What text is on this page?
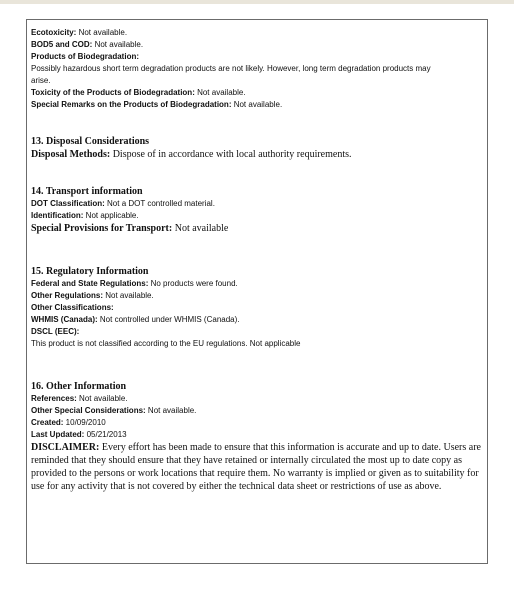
Ecotoxicity: Not available.
BOD5 and COD: Not available.
Products of Biodegradation:
Possibly hazardous short term degradation products are not likely. However, long term degradation products may
arise.
Toxicity of the Products of Biodegradation: Not available.
Special Remarks on the Products of Biodegradation: Not available.
13. Disposal Considerations
Disposal Methods: Dispose of in accordance with local authority requirements.
14. Transport information
DOT Classification: Not a DOT controlled material.
Identification: Not applicable.
Special Provisions for Transport: Not available
15. Regulatory Information
Federal and State Regulations: No products were found.
Other Regulations: Not available.
Other Classifications:
WHMIS (Canada): Not controlled under WHMIS (Canada).
DSCL (EEC):
This product is not classified according to the EU regulations. Not applicable
16. Other Information
References: Not available.
Other Special Considerations: Not available.
Created: 10/09/2010
Last Updated: 05/21/2013
DISCLAIMER: Every effort has been made to ensure that this information is accurate and up to date. Users are reminded that they should ensure that they have retained or internally circulated the most up to date copy as provided to the persons or work locations that require them. No warranty is implied or given as to suitability for use for any activity that is not covered by either the technical data sheet or restrictions of use as above.
